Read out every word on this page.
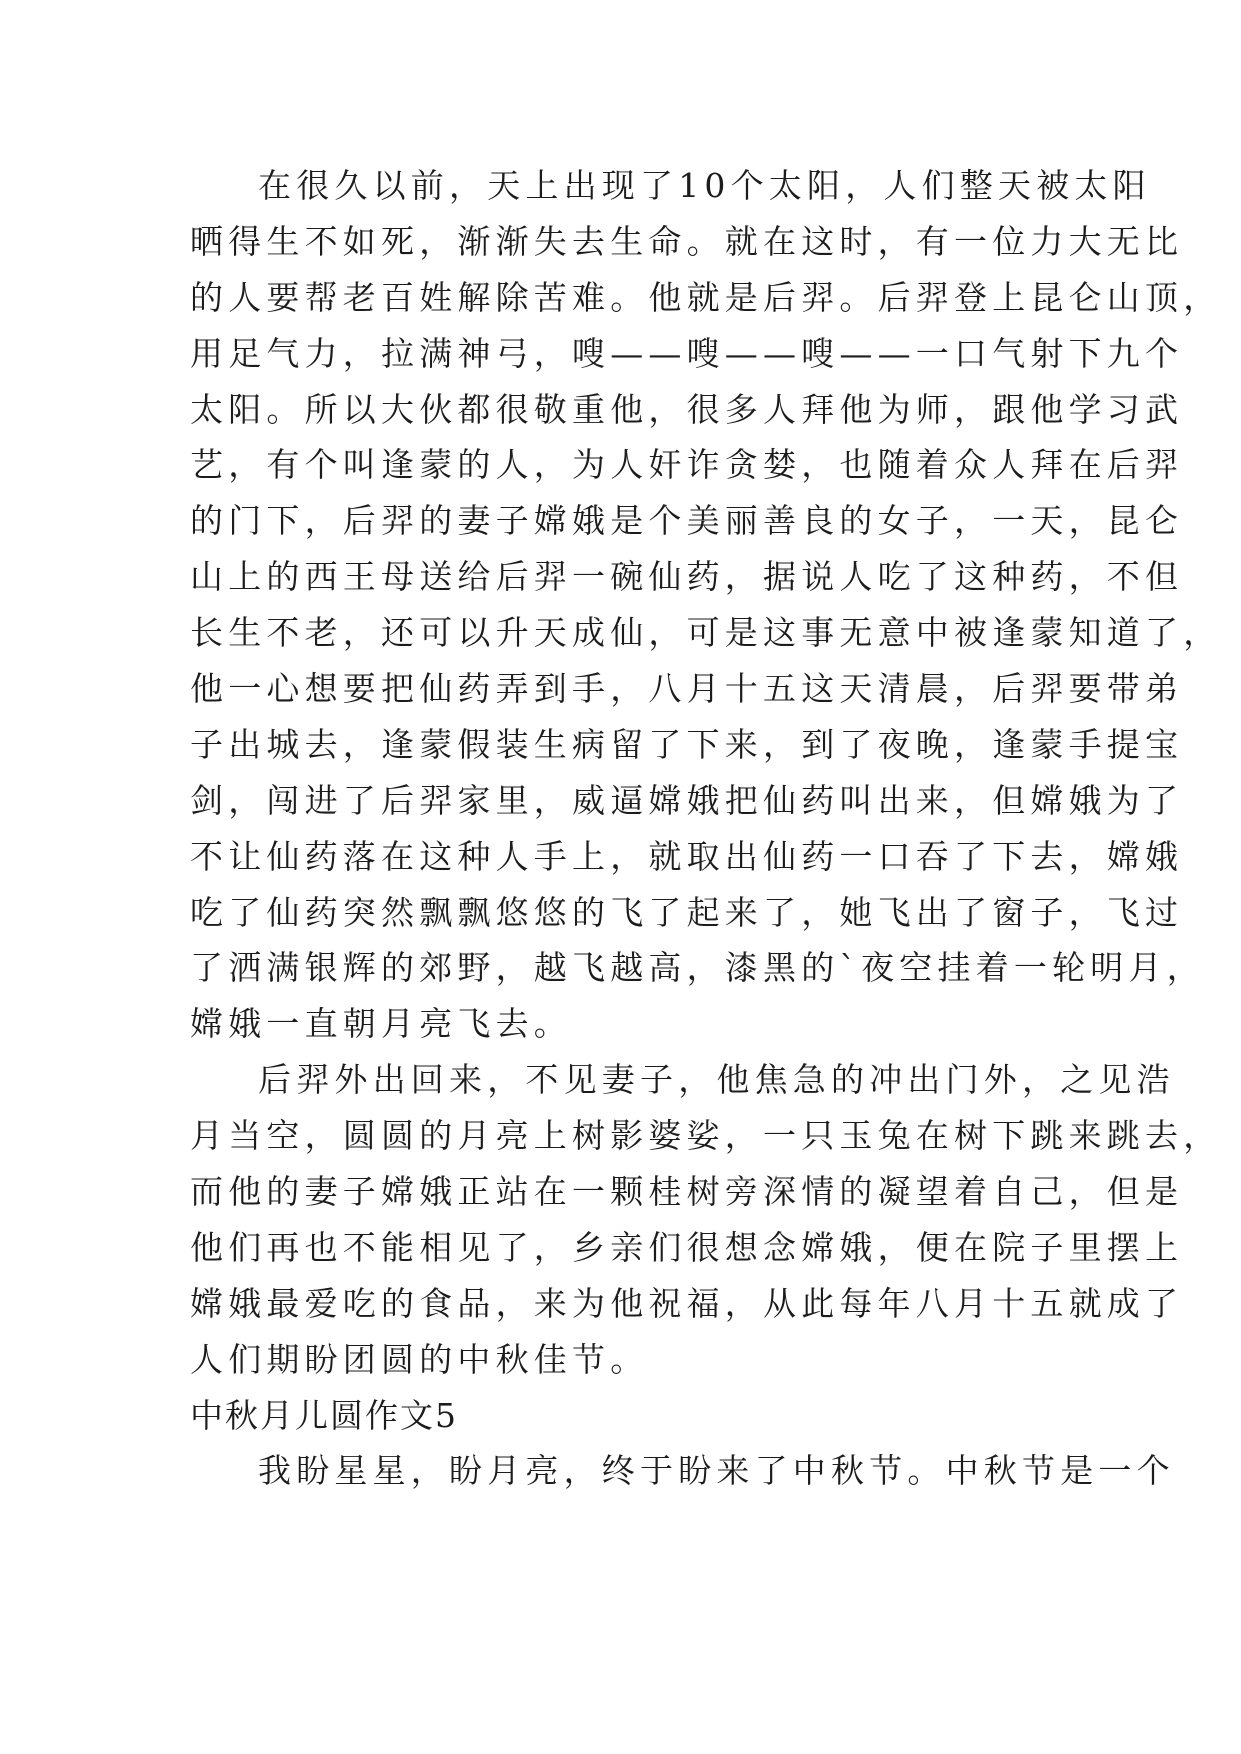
在很久以前，天上出现了10个太阳，人们整天被太阳
晒得生不如死，渐渐失去生命。就在这时，有一位力大无比
的人要帮老百姓解除苦难。他就是后羿。后羿登上昆仑山顶，
用足气力，拉满神弓，嗖——嗖——嗖——一口气射下九个
太阳。所以大伙都很敬重他，很多人拜他为师，跟他学习武
艺，有个叫逢蒙的人，为人奸诈贪婪，也随着众人拜在后羿
的门下，后羿的妻子嫦娥是个美丽善良的女子，一天，昆仑
山上的西王母送给后羿一碗仙药，据说人吃了这种药，不但
长生不老，还可以升天成仙，可是这事无意中被逢蒙知道了，
他一心想要把仙药弄到手，八月十五这天清晨，后羿要带弟
子出城去，逢蒙假装生病留了下来，到了夜晚，逢蒙手提宝
剑，闯进了后羿家里，威逼嫦娥把仙药叫出来，但嫦娥为了
不让仙药落在这种人手上，就取出仙药一口吞了下去，嫦娥
吃了仙药突然飘飘悠悠的飞了起来了，她飞出了窗子，飞过
了洒满银辉的郊野，越飞越高，漆黑的`夜空挂着一轮明月，
嫦娥一直朝月亮飞去。
后羿外出回来，不见妻子，他焦急的冲出门外，之见浩
月当空，圆圆的月亮上树影婆娑，一只玉兔在树下跳来跳去，
而他的妻子嫦娥正站在一颗桂树旁深情的凝望着自己，但是
他们再也不能相见了，乡亲们很想念嫦娥，便在院子里摆上
嫦娥最爱吃的食品，来为他祝福，从此每年八月十五就成了
人们期盼团圆的中秋佳节。
中秋月儿圆作文5
我盼星星，盼月亮，终于盼来了中秋节。中秋节是一个
